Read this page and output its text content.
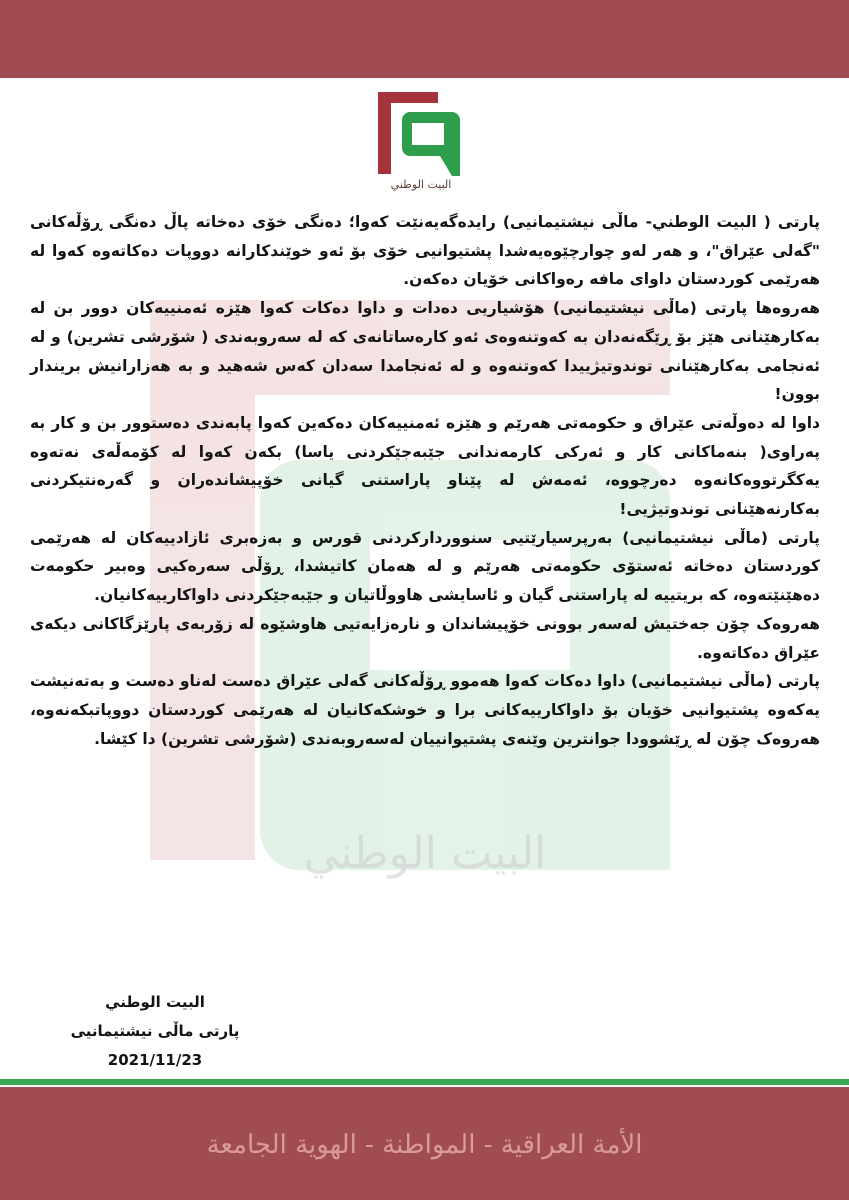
البيت الوطني
البيت الوطني

پارتی ( البیت الوطني- ماڵی نیشتیمانیی) رایدەگەیەنێت کەوا؛ دەنگی خۆی دەخاتە پاڵ دەنگی ڕۆڵەکانی "گەلی عێراق"، و هەر لەو چوارچێوەیەشدا پشتیوانیی خۆی بۆ ئەو خوێندکارانە دووپات دەکاتەوە کەوا لە هەرێمی کوردستان داوای مافە رەواکانی خۆیان دەکەن.

هەروەها پارتی (ماڵی نیشتیمانیی) هۆشیاریی دەدات و داوا دەکات کەوا هێزە ئەمنییەکان دوور بن لە بەکارهێنانی هێز بۆ ڕێگەنەدان بە کەوتنەوەی ئەو کارەساتانەی کە لە سەروبەندی ( شۆرشی تشرین) و لە ئەنجامی بەکارهێنانی توندوتیژییدا کەوتنەوە و لە ئەنجامدا سەدان کەس شەهید و بە هەزارانیش بریندار بوون!

داوا لە دەوڵەتی عێراق و حکومەتی هەرێم و هێزە ئەمنییەکان دەکەین کەوا پابەندی دەستوور بن و کار بە پەراوی( بنەماکانی کار و ئەرکی کارمەندانی جێبەجێکردنی یاسا) بکەن کەوا لە کۆمەڵەی نەتەوە یەکگرتووەکانەوە دەرچووە، ئەمەش لە پێناو پاراستنی گیانی خۆپیشاندەران و گەرەنتیکردنی بەکارنەهێنانی توندوتیژیی!

پارتی (ماڵی نیشتیمانیی) بەرپرسیارێتیی سنووردارکردنی قورس و بەزەبری ئازادییەکان لە هەرێمی کوردستان دەخاتە ئەستۆی حکومەتی هەرێم و لە هەمان کاتیشدا، ڕۆڵی سەرەکیی وەبیر حکومەت دەهێنێتەوە، کە بریتییە لە پاراستنی گیان و ئاسایشی هاووڵاتیان و جێبەجێکردنی داواکارییەکانیان.

هەروەک چۆن جەختیش لەسەر بوونی خۆپیشاندان و نارەزایەتیی هاوشێوە لە زۆربەی پارێزگاکانی دیکەی عێراق دەکاتەوە.

پارتی (ماڵی نیشتیمانیی) داوا دەکات کەوا هەموو ڕۆڵەکانی گەلی عێراق دەست لەناو دەست و بەتەنیشت یەکەوە پشتیوانیی خۆیان بۆ داواکارییەکانی برا و خوشکەکانیان لە هەرێمی کوردستان دووپاتبکەنەوە، هەروەک چۆن لە ڕێشوودا جوانترین وێنەی پشتیوانییان لەسەروبەندی (شۆرشی تشرین) دا کێشا.

البيت الوطني
پارتی ماڵی نیشتیمانیی
2021/11/23
الأمة العراقية - المواطنة - الهوية الجامعة
